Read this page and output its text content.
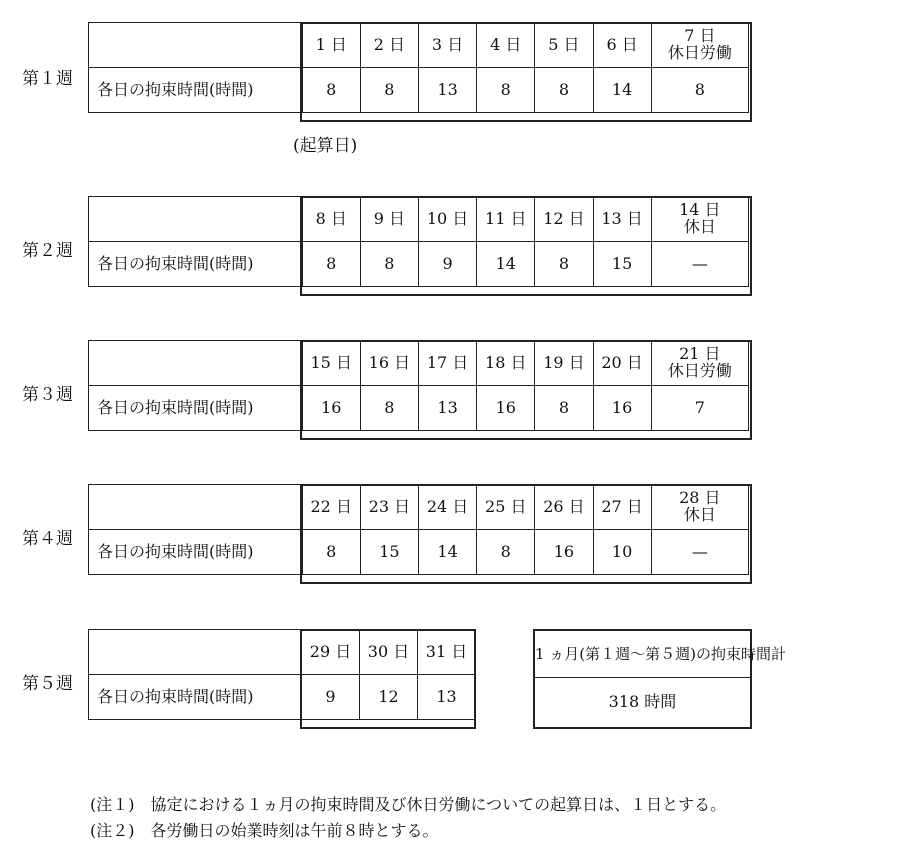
第１週
	1 日	2 日	3 日	4 日	5 日	6 日	7 日
休日労働
各日の拘束時間(時間)	8	8	13	8	8	14	8
(起算日)
第２週
	8 日	9 日	10 日	11 日	12 日	13 日	14 日
休日
各日の拘束時間(時間)	8	8	9	14	8	15	—
第３週
	15 日	16 日	17 日	18 日	19 日	20 日	21 日
休日労働
各日の拘束時間(時間)	16	8	13	16	8	16	7
第４週
	22 日	23 日	24 日	25 日	26 日	27 日	28 日
休日
各日の拘束時間(時間)	8	15	14	8	16	10	—
第５週
	29 日	30 日	31 日
各日の拘束時間(時間)	9	12	13
1 ヵ月(第１週～第５週)の拘束時間計
318 時間
(注１)　協定における１ヵ月の拘束時間及び休日労働についての起算日は、１日とする。
(注２)　各労働日の始業時刻は午前８時とする。
